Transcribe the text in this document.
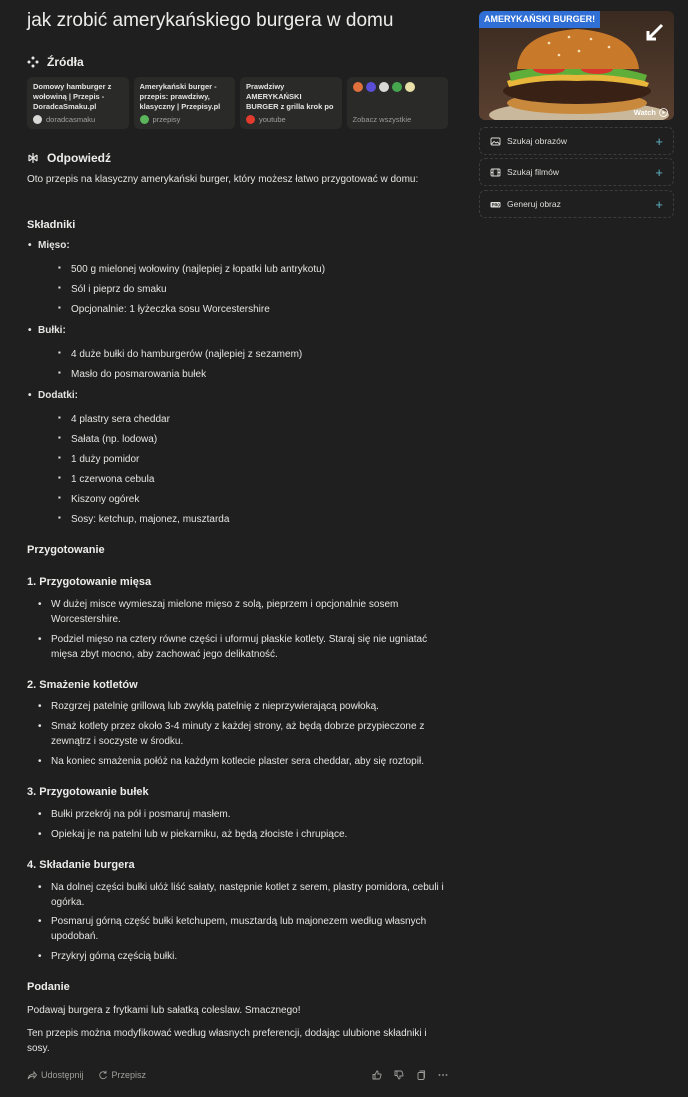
jak zrobić amerykańskiego burgera w domu
Źródła
Domowy hamburger z wołowiną | Przepis - DoradcaSmaku.pl
doradcasmaku
Amerykański burger - przepis: prawdziwy, klasyczny | Przepisy.pl
przepisy
Prawdziwy AMERYKAŃSKI BURGER z grilla krok po
youtube	Zobacz wszystkie
Odpowiedź
Oto przepis na klasyczny amerykański burger, który możesz łatwo przygotować w domu:
Składniki
• Mięso:
▪ 500 g mielonej wołowiny (najlepiej z łopatki lub antrykotu)
▪ Sól i pieprz do smaku
▪ Opcjonalnie: 1 łyżeczka sosu Worcestershire
• Bułki:
▪ 4 duże bułki do hamburgerów (najlepiej z sezamem)
▪ Masło do posmarowania bułek
• Dodatki:
▪ 4 plastry sera cheddar
▪ Sałata (np. lodowa)
▪ 1 duży pomidor
▪ 1 czerwona cebula
▪ Kiszony ogórek
▪ Sosy: ketchup, majonez, musztarda
Przygotowanie
1. Przygotowanie mięsa
• W dużej misce wymieszaj mielone mięso z solą, pieprzem i opcjonalnie sosem Worcestershire.
• Podziel mięso na cztery równe części i uformuj płaskie kotlety. Staraj się nie ugniatać mięsa zbyt mocno, aby zachować jego delikatność.
2. Smażenie kotletów
• Rozgrzej patelnię grillową lub zwykłą patelnię z nieprzywierającą powłoką.
• Smaż kotlety przez około 3-4 minuty z każdej strony, aż będą dobrze przypieczone z zewnątrz i soczyste w środku.
• Na koniec smażenia połóż na każdym kotlecie plaster sera cheddar, aby się roztopił.
3. Przygotowanie bułek
• Bułki przekrój na pół i posmaruj masłem.
• Opiekaj je na patelni lub w piekarniku, aż będą złociste i chrupiące.
4. Składanie burgera
• Na dolnej części bułki ułóż liść sałaty, następnie kotlet z serem, plastry pomidora, cebuli i ogórka.
• Posmaruj górną część bułki ketchupem, musztardą lub majonezem według własnych upodobań.
• Przykryj górną częścią bułki.
Podanie
Podawaj burgera z frytkami lub sałatką coleslaw. Smacznego!
Ten przepis można modyfikować według własnych preferencji, dodając ulubione składniki i sosy.
Udostępnij	Przepisz
AMERYKAŃSKI BURGER!
Watch
Szukaj obrazów	+
Szukaj filmów	+
Generuj obraz	+
